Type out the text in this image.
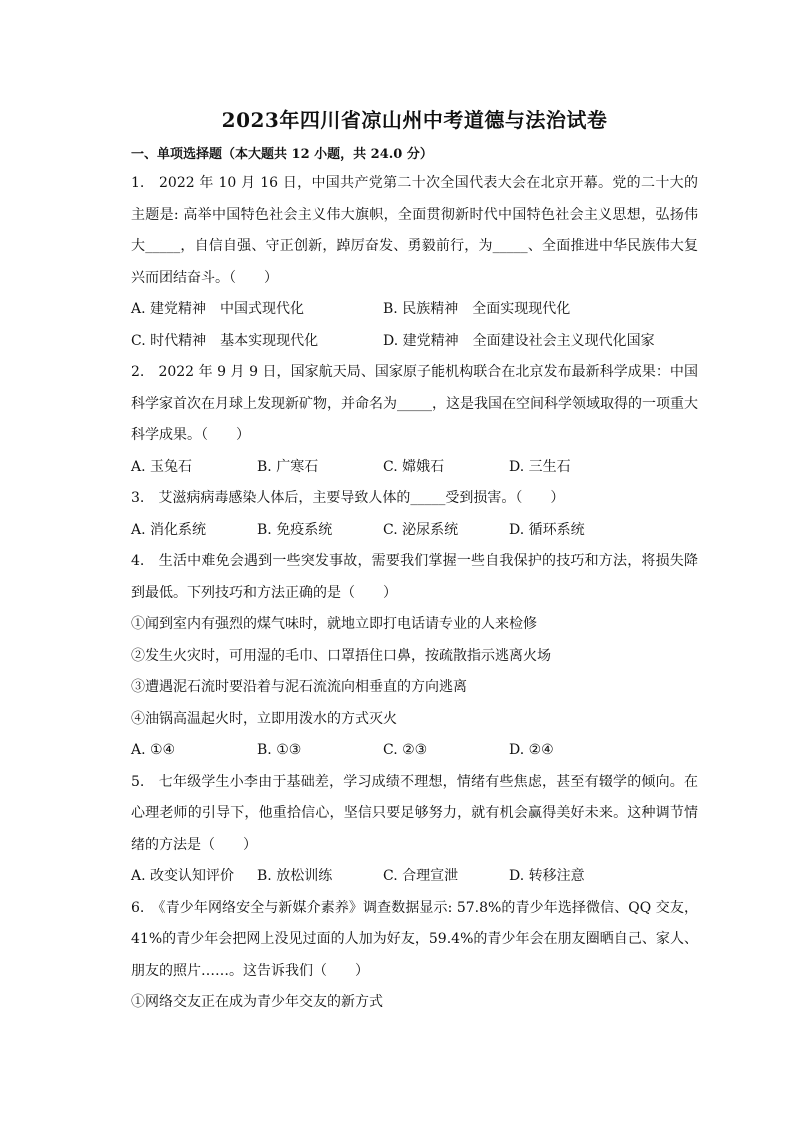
2023年四川省凉山州中考道德与法治试卷
一、单项选择题（本大题共 12 小题，共 24.0 分）

1.　2022 年 10 月 16 日，中国共产党第二十次全国代表大会在北京开幕。党的二十大的主题是: 高举中国特色社会主义伟大旗帜，全面贯彻新时代中国特色社会主义思想，弘扬伟大_____，自信自强、守正创新，踔厉奋发、勇毅前行，为_____、全面推进中华民族伟大复兴而团结奋斗。（　　）

A. 建党精神　中国式现代化	B. 民族精神　全面实现现代化
C. 时代精神　基本实现现代化	D. 建党精神　全面建设社会主义现代化国家

2.　2022 年 9 月 9 日，国家航天局、国家原子能机构联合在北京发布最新科学成果：中国科学家首次在月球上发现新矿物，并命名为_____，这是我国在空间科学领域取得的一项重大科学成果。（　　）

A. 玉兔石	B. 广寒石	C. 嫦娥石	D. 三生石

3.　艾滋病病毒感染人体后，主要导致人体的_____受到损害。（　　）

A. 消化系统	B. 免疫系统	C. 泌尿系统	D. 循环系统

4.　生活中难免会遇到一些突发事故，需要我们掌握一些自我保护的技巧和方法，将损失降到最低。下列技巧和方法正确的是（　　）

①闻到室内有强烈的煤气味时，就地立即打电话请专业的人来检修

②发生火灾时，可用湿的毛巾、口罩捂住口鼻，按疏散指示逃离火场

③遭遇泥石流时要沿着与泥石流流向相垂直的方向逃离

④油锅高温起火时，立即用泼水的方式灭火

A. ①④	B. ①③	C. ②③	D. ②④

5.　七年级学生小李由于基础差，学习成绩不理想，情绪有些焦虑，甚至有辍学的倾向。在心理老师的引导下，他重拾信心，坚信只要足够努力，就有机会赢得美好未来。这种调节情绪的方法是（　　）

A. 改变认知评价	B. 放松训练	C. 合理宣泄	D. 转移注意

6.　《青少年网络安全与新媒介素养》调查数据显示: 57.8%的青少年选择微信、QQ 交友，41%的青少年会把网上没见过面的人加为好友，59.4%的青少年会在朋友圈晒自己、家人、朋友的照片……。这告诉我们（　　）

①网络交友正在成为青少年交友的新方式
